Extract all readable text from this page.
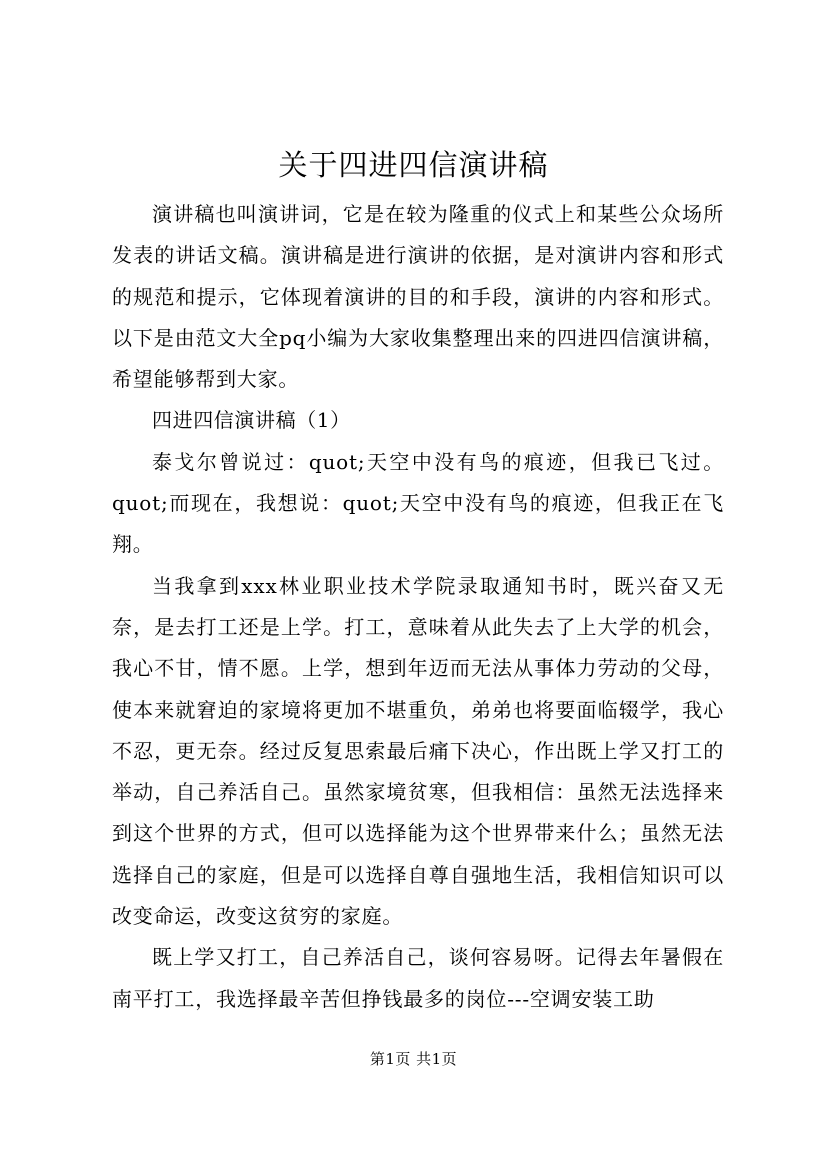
关于四进四信演讲稿

演讲稿也叫演讲词，它是在较为隆重的仪式上和某些公众场所发表的讲话文稿。演讲稿是进行演讲的依据，是对演讲内容和形式的规范和提示，它体现着演讲的目的和手段，演讲的内容和形式。以下是由范文大全pq小编为大家收集整理出来的四进四信演讲稿，希望能够帮到大家。

四进四信演讲稿（1）

泰戈尔曾说过：quot;天空中没有鸟的痕迹，但我已飞过。quot;而现在，我想说：quot;天空中没有鸟的痕迹，但我正在飞翔。

当我拿到xxx林业职业技术学院录取通知书时，既兴奋又无奈，是去打工还是上学。打工，意味着从此失去了上大学的机会，我心不甘，情不愿。上学，想到年迈而无法从事体力劳动的父母，使本来就窘迫的家境将更加不堪重负，弟弟也将要面临辍学，我心不忍，更无奈。经过反复思索最后痛下决心，作出既上学又打工的举动，自己养活自己。虽然家境贫寒，但我相信：虽然无法选择来到这个世界的方式，但可以选择能为这个世界带来什么；虽然无法选择自己的家庭，但是可以选择自尊自强地生活，我相信知识可以改变命运，改变这贫穷的家庭。

既上学又打工，自己养活自己，谈何容易呀。记得去年暑假在南平打工，我选择最辛苦但挣钱最多的岗位---空调安装工助

第1页 共1页
